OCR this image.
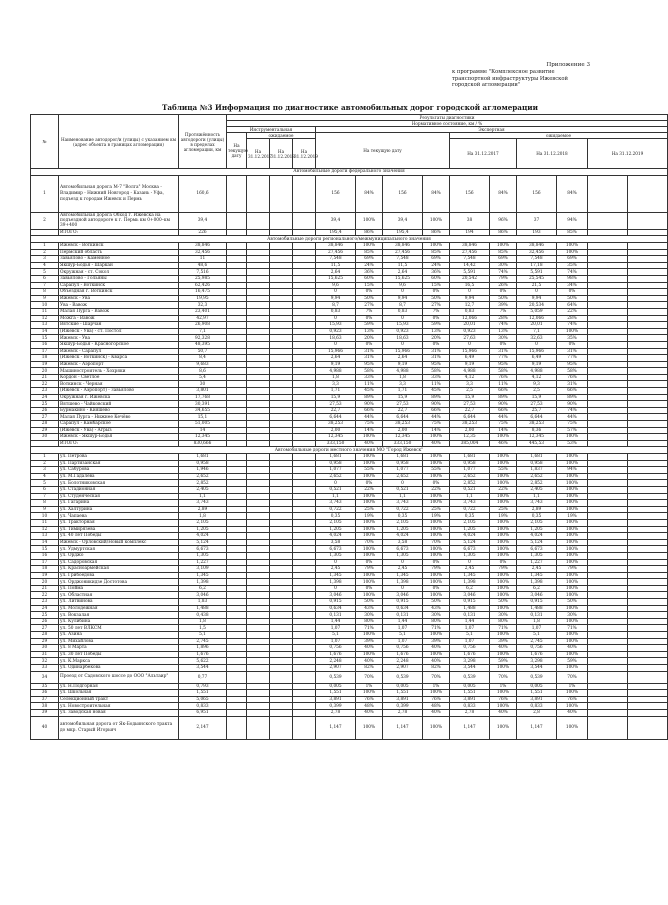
Приложение 3
к программе "Комплексное развитие
транспортной инфраструктуры Ижевской
городской агломерации"
Таблица №3 Информация по диагностике автомобильных дорог городской агломерации
№	Наименование автодорог/и (улицы) с указанием км (адрес объекта в границах агломерации)	Протяжённость автодороги (улицы) в пределах агломерации, км	Результаты диагностики													
			Нормативное состояние, км / %													
			Инструментальная				Экспертная									
			На текущую дату	ожидаемое			На текущую дату				ожидаемое					
				На 31.12.2017	На 31.12.2018	На 31.12.2019					На 31.12.2017		На 31.12.2018		На 31.12.2019	
Автомобильные дороги федерального значения																
1	Автомобильная дорога М-7 "Волга" Москва - Владимир - Нижний Новгород - Казань - Уфа, подъезд к городам Ижевск и Пермь	160,6					156	84%	156	84%	156	84%	156	84%		
2	Автомобильная дорога Обход г. Ижевска на подъездной автодороге к г. Пермь км 0+000–км 39+400	39,4					39,4	100%	39,4	100%	38	96%	37	94%		
	ИТОГО:	226					195,4	86%	195,4	86%	194	86%	193	85%		
Автомобильные дороги регионального/межмуниципального значения																
1	Ижевск - Воткинск	38,846					38,846	100%	38,846	100%	38,846	100%	38,846	100%		
2	Пермский область	32,456					27,456	85%	27,456	85%	27,456	85%	32,456	100%		
3	Завьялово - Каменное	11					7,548	69%	7,548	69%	7,548	69%	7,548	69%		
4	Якшур-Бодья - Шаркан	48,6					11,5	24%	11,5	24%	14,42	30%	17,18	35%		
5	Окружная - ст. Сокол	7,516					2,64	36%	2,64	36%	5,591	74%	5,591	74%		
6	Завьялово - Гольяны	25,985					15,625	60%	15,625	60%	20,542	79%	25,545	98%		
7	Сарапул - Воткинск	62,426					9,6	15%	9,6	15%	16,5	26%	21,5	34%		
8	Объездная г. Воткинск	16,475					0	0%	0	0%	0	0%	0	0%		
9	Ижевск - Ува	19,95					9,94	50%	9,94	50%	9,94	50%	9,94	50%		
10	Ува - Вавож	32,3					8,7	27%	8,7	27%	12,7	39%	20,534	64%		
11	Малая Пурга - Вавож	23,401					0,83	7%	0,83	7%	0,83	7%	5,059	22%		
12	Можга - Вавож	42,97					0	0%	0	0%	12,066	28%	12,066	28%		
13	Вятские - Шарчан	26,908					15,93	59%	15,93	59%	20,01	74%	20,01	74%		
14	(Ижевск - Ува) - ст. Постол	7,1					0,923	13%	0,923	13%	0,923	13%	7,1	100%		
15	Ижевск - Ува	92,328					18,63	20%	18,63	20%	27,63	30%	32,63	35%		
16	Якшур-Бодья - Красногорское	48,395					0	0%	0	0%	0	0%	0	0%		
17	Ижевск - Сарапул	50,7					15,966	31%	15,966	31%	15,966	31%	15,966	31%		
18	(Ижевск - Воткинск) - Кварса	8,4					2,64	31%	2,64	31%	6,49	77%	6,49	77%		
19	Ижевск - Аэропорт	9,683					9,19	95%	9,19	95%	9,19	95%	9,19	95%		
20	Машиностроитель - Хохряки	8,6					4,988	58%	4,988	58%	4,988	58%	4,988	58%		
21	Кордон - Светлое	5,4					1,8	33%	1,8	33%	4,12	76%	4,12	76%		
22	Воткинск - Черная	30					3,3	11%	3,3	11%	3,3	11%	9,3	31%		
23	(Ижевск - Аэропорт) - Завьялово	3,801					1,71	45%	1,71	45%	2,5	66%	2,5	66%		
24	Окружная г. Ижевска	17,768					15,9	89%	15,9	89%	15,9	89%	15,9	89%		
25	Вятшево - Чайковский	30,391					27,53	90%	27,53	90%	27,53	90%	27,53	90%		
26	Бурмакино - Кияшево	34,655					22,7	66%	22,7	66%	22,7	66%	25,7	74%		
27	Малая Пурга - Нижнее Кечёво	15,1					6,644	44%	6,644	44%	6,644	44%	6,644	44%		
28	Сарапул - Камбарское	51,005					38,253	75%	38,253	75%	38,253	75%	38,253	75%		
29	(Ижевск - Ува) - Агрыз	14					2,00	14%	2,00	14%	2,00	14%	8,36	57%		
30	Ижевск - Якшур-Бодья	12,345					12,345	100%	12,345	100%	12,35	100%	12,345	100%		
	ИТОГО:	830,666					333,150	40%	333,150	40%	385,004	46%	445,53	53%		
Автомобильные дороги местного значения МО "Город Ижевск"																
1	ул. Петрова	1,681					1,681	100%	1,681	100%	1,681	100%	1,681	100%		
2	ул. Партизанская	0,958					0,958	100%	0,958	100%	0,958	100%	0,958	100%		
3	ул. Сабурова	1,946					1,077	55%	1,077	55%	1,077	55%	1,837	94%		
4	ул. М.Гадалёва	2,652					2,652	100%	2,652	100%	2,652	100%	2,652	100%		
5	ул. Болотниковская	2,852					0	0%	0	0%	2,852	100%	2,852	100%		
6	ул. Стадионная	2,405					0,521	22%	0,521	22%	0,521	22%	2,405	100%		
7	ул. Студенческая	1,1					1,1	100%	1,1	100%	1,1	100%	1,1	100%		
8	ул. Гагарина	3,743					3,743	100%	3,743	100%	3,743	100%	3,743	100%		
9	ул. Халтурина	2,89					0,722	25%	0,722	25%	0,722	25%	2,89	100%		
10	ул. Чапаева	1,8					0,35	19%	0,35	19%	0,35	19%	0,35	19%		
11	ул. Тракторная	2,105					2,105	100%	2,105	100%	2,105	100%	2,105	100%		
12	ул. Тимирязева	1,205					1,205	100%	1,205	100%	1,205	100%	1,205	100%		
13	ул. 40 лет Победы	4,024					4,024	100%	4,024	100%	4,024	100%	4,024	100%		
14	Ижевск - Орловский/Новый комплекс	5,124					3,58	70%	3,58	70%	5,124	100%	5,124	100%		
15	ул. Удмуртская	6,673					6,673	100%	6,673	100%	6,673	100%	6,673	100%		
16	ул. Орджо	1,305					1,305	100%	1,305	100%	1,305	100%	1,305	100%		
17	ул. Садоровская	1,227					0	0%	0	0%	0	0%	1,227	100%		
18	ул. Красноармейская	3,109					2,45	79%	2,45	79%	2,45	79%	2,45	79%		
19	ул. Грибоедова	1,345					1,345	100%	1,345	100%	1,345	100%	1,345	100%		
20	ул. Орджоникидзе Достотова	1,398					1,398	100%	1,398	100%	1,398	100%	1,398	100%		
21	ул. Пойма	6,2					0	0%	0	0%	6,2	100%	6,2	100%		
22	ул. Областная	3,046					3,046	100%	3,046	100%	3,046	100%	3,046	100%		
23	ул. Литвинова	1,83					0,915	50%	0,915	50%	0,915	50%	0,915	50%		
24	ул. Молодежная	1,488					0,634	43%	0,634	43%	1,488	100%	1,488	100%		
25	ул. Вокзалая	0,438					0,131	30%	0,131	30%	0,131	30%	0,131	30%		
26	ул. Кулибина	1,8					1,44	80%	1,44	80%	1,44	80%	1,8	100%		
27	ул. 50 лет ВЛКСМ	1,5					1,07	71%	1,07	71%	1,07	71%	1,07	71%		
28	ул. Азина	5,1					5,1	100%	5,1	100%	5,1	100%	5,1	100%		
29	ул. Михайлова	2,745					1,07	39%	1,07	39%	1,07	39%	2,745	100%		
30	ул. 8 Марта	1,896					0,756	40%	0,756	40%	0,756	40%	0,756	40%		
31	ул. 30 лет Победы	1,676					1,676	100%	1,676	100%	1,676	100%	1,676	100%		
32	ул. К.Маркса	5,622					2,248	40%	2,248	40%	3,298	59%	3,298	59%		
33	ул. Одинарбекова	3,544					2,907	82%	2,907	82%	3,544	100%	3,544	100%		
34	Проезд от Садовского шоссе до ООО "Альтаир"	0,77					0,539	70%	0,539	70%	0,539	70%	0,539	70%		
35	ул. Н.Подгорная	0,793					0,005	1%	0,005	1%	0,005	1%	0,005	1%		
36	ул. Школьная	1,551					1,551	100%	1,551	100%	1,551	100%	1,551	100%		
37	Селекционный тракт	5,065					3,891	76%	3,891	76%	3,891	76%	3,891	76%		
38	ул. Новостроительная	0,833					0,399	48%	0,399	48%	0,833	100%	0,833	100%		
39	ул. Заводская новая	6,951					2,78	40%	2,78	40%	2,78	40%	2,8	40%		
40	автомобильная дорога от Як-Бодьинского тракта до мкр. Старый Игорьич	2,147					1,147	100%	1,147	100%	1,147	100%	1,147	100%		
